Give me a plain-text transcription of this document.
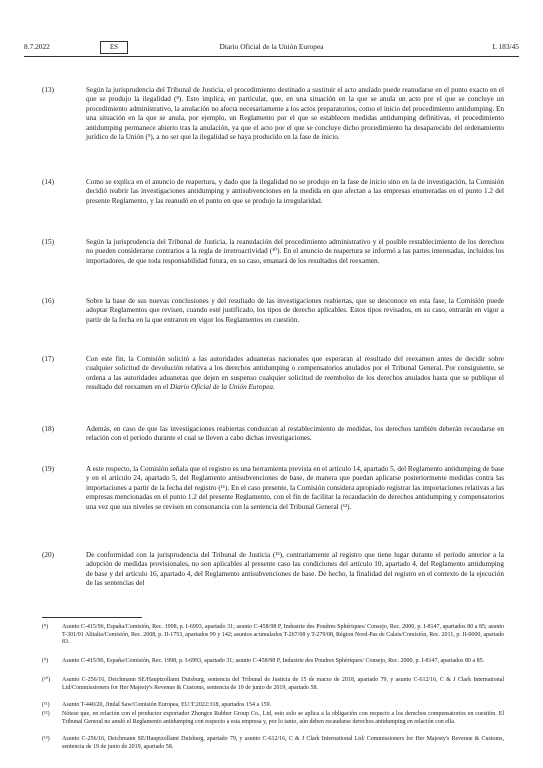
8.7.2022	ES	Diario Oficial de la Unión Europea	L 183/45
(13)	Según la jurisprudencia del Tribunal de Justicia, el procedimiento destinado a sustituir el acto anulado puede reanudarse en el punto exacto en el que se produjo la ilegalidad (⁸). Esto implica, en particular, que, en una situación en la que se anula un acto por el que se concluye un procedimiento administrativo, la anulación no afecta necesariamente a los actos preparatorios, como el inicio del procedimiento antidumping. En una situación en la que se anula, por ejemplo, un Reglamento por el que se establecen medidas antidumping definitivas, el procedimiento antidumping permanece abierto tras la anulación, ya que el acto por el que se concluye dicho procedimiento ha desaparecido del ordenamiento jurídico de la Unión (⁹), a no ser que la ilegalidad se haya producido en la fase de inicio.
(14)	Como se explica en el anuncio de reapertura, y dado que la ilegalidad no se produjo en la fase de inicio sino en la de investigación, la Comisión decidió reabrir las investigaciones antidumping y antisubvenciones en la medida en que afectan a las empresas enumeradas en el punto 1.2 del presente Reglamento, y las reanudó en el punto en que se produjo la irregularidad.
(15)	Según la jurisprudencia del Tribunal de Justicia, la reanudación del procedimiento administrativo y el posible restablecimiento de los derechos no pueden considerarse contrarios a la regla de irretroactividad (¹⁰). En el anuncio de reapertura se informó a las partes interesadas, incluidos los importadores, de que toda responsabilidad futura, en su caso, emanará de los resultados del reexamen.
(16)	Sobre la base de sus nuevas conclusiones y del resultado de las investigaciones reabiertas, que se desconoce en esta fase, la Comisión puede adoptar Reglamentos que revisen, cuando esté justificado, los tipos de derecho aplicables. Estos tipos revisados, en su caso, entrarán en vigor a partir de la fecha en la que entraron en vigor los Reglamentos en cuestión.
(17)	Con este fin, la Comisión solicitó a las autoridades aduaneras nacionales que esperaran al resultado del reexamen antes de decidir sobre cualquier solicitud de devolución relativa a los derechos antidumping o compensatorios anulados por el Tribunal General. Por consiguiente, se ordena a las autoridades aduaneras que dejen en suspenso cualquier solicitud de reembolso de los derechos anulados hasta que se publique el resultado del reexamen en el Diario Oficial de la Unión Europea.
(18)	Además, en caso de que las investigaciones reabiertas conduzcan al restablecimiento de medidas, los derechos también deberán recaudarse en relación con el período durante el cual se lleven a cabo dichas investigaciones.
(19)	A este respecto, la Comisión señala que el registro es una herramienta prevista en el artículo 14, apartado 5, del Reglamento antidumping de base y en el artículo 24, apartado 5, del Reglamento antisubvenciones de base, de manera que puedan aplicarse posteriormente medidas contra las importaciones a partir de la fecha del registro (¹¹). En el caso presente, la Comisión considera apropiado registrar las importaciones relativas a las empresas mencionadas en el punto 1.2 del presente Reglamento, con el fin de facilitar la recaudación de derechos antidumping y compensatorios una vez que sus niveles se revisen en consonancia con la sentencia del Tribunal General (¹²).
(20)	De conformidad con la jurisprudencia del Tribunal de Justicia (¹³), contrariamente al registro que tiene lugar durante el período anterior a la adopción de medidas provisionales, no son aplicables al presente caso las condiciones del artículo 10, apartado 4, del Reglamento antidumping de base y del artículo 16, apartado 4, del Reglamento antisubvenciones de base. De hecho, la finalidad del registro en el contexto de la ejecución de las sentencias del
(⁸)	Asunto C-415/96, España/Comisión, Rec. 1998, p. I-6993, apartado 31; asunto C-458/98 P, Industrie des Poudres Sphériques/ Consejo, Rec. 2000, p. I-8147, apartados 80 a 85; asunto T-301/01 Alitalia/Comisión, Rec. 2008, p. II-1753, apartados 99 y 142; asuntos acumulados T-267/08 y T-279/08, Région Nord-Pas de Calais/Comisión, Rec. 2011, p. II-0000, apartado 83.
(⁹)	Asunto C-415/96, España/Comisión, Rec. 1998, p. I-6993, apartado 31; asunto C-458/98 P, Industrie des Poudres Sphériques/ Consejo, Rec. 2000, p. I-8147, apartados 80 a 85.
(¹⁰)	Asunto C-256/16, Deichmann SE/Hauptzollamt Duisburg, sentencia del Tribunal de Justicia de 15 de marzo de 2018, apartado 79, y asunto C-612/16, C & J Clark International Ltd/Commissioners for Her Majesty's Revenue & Customs, sentencia de 19 de junio de 2019, apartado 58.
(¹¹)	Asunto T-440/20, Jindal Saw/Comisión Europea, EU:T:2022:318, apartados 154 a 159.
(¹²)	Nótese que, en relación con el productor exportador Zhongce Rubber Group Co., Ltd, esto solo se aplica a la obligación con respecto a los derechos compensatorios en cuestión. El Tribunal General no anuló el Reglamento antidumping con respecto a esta empresa y, por lo tanto, aún deben recaudarse derechos antidumping en relación con ella.
(¹³)	Asunto C-256/16, Deichmann SE/Hauptzollamt Duisburg, apartado 79, y asunto C-612/16, C & J Clark International Ltd/ Commissioners for Her Majesty's Revenue & Customs, sentencia de 19 de junio de 2019, apartado 58.
